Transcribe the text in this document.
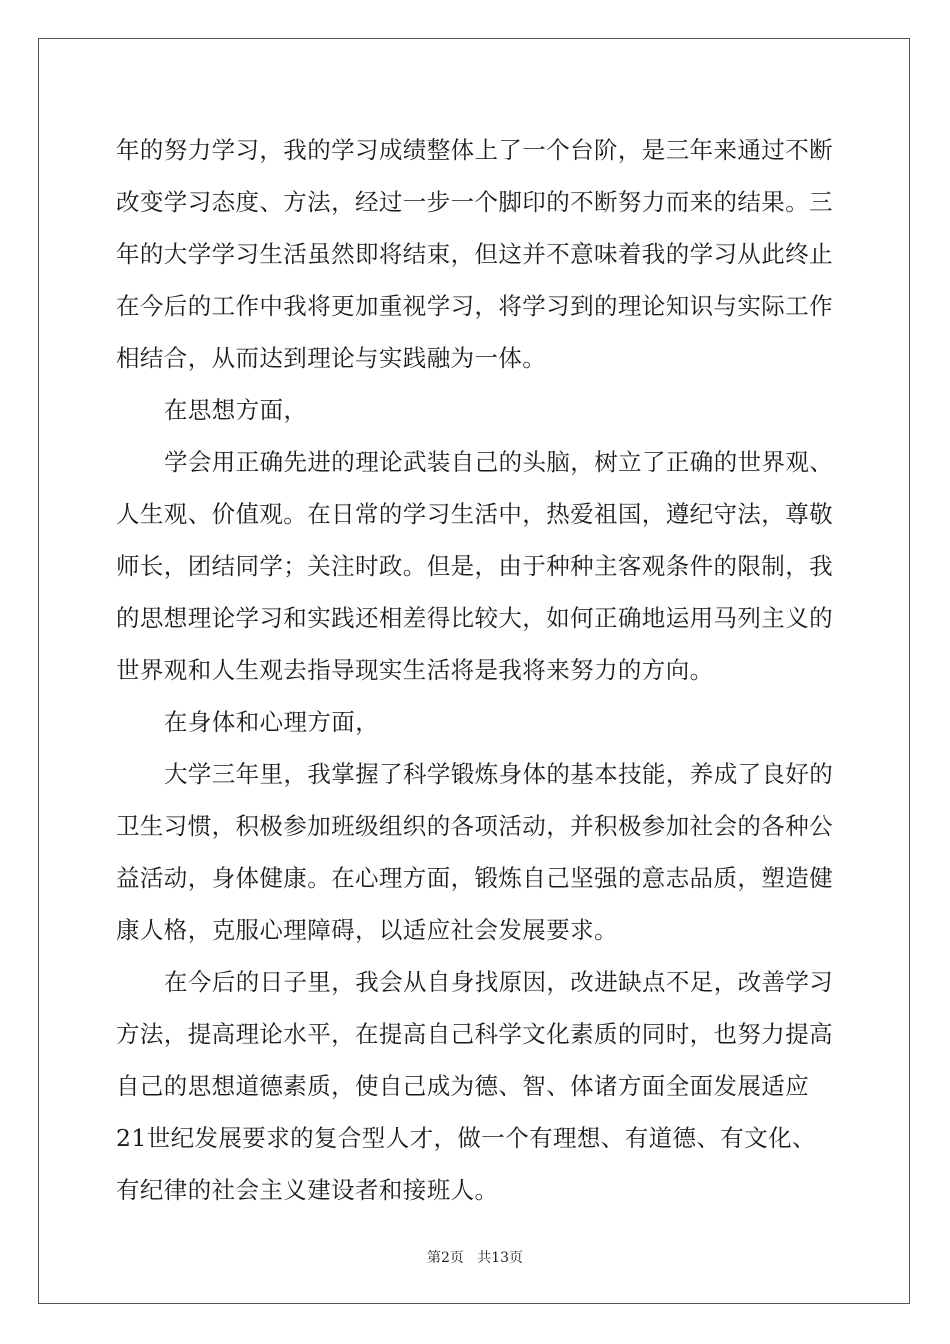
年的努力学习，我的学习成绩整体上了一个台阶，是三年来通过不断
改变学习态度、方法，经过一步一个脚印的不断努力而来的结果。三
年的大学学习生活虽然即将结束，但这并不意味着我的学习从此终止
在今后的工作中我将更加重视学习，将学习到的理论知识与实际工作
相结合，从而达到理论与实践融为一体。
在思想方面，
学会用正确先进的理论武装自己的头脑，树立了正确的世界观、
人生观、价值观。在日常的学习生活中，热爱祖国，遵纪守法，尊敬
师长，团结同学；关注时政。但是，由于种种主客观条件的限制，我
的思想理论学习和实践还相差得比较大，如何正确地运用马列主义的
世界观和人生观去指导现实生活将是我将来努力的方向。
在身体和心理方面，
大学三年里，我掌握了科学锻炼身体的基本技能，养成了良好的
卫生习惯，积极参加班级组织的各项活动，并积极参加社会的各种公
益活动，身体健康。在心理方面，锻炼自己坚强的意志品质，塑造健
康人格，克服心理障碍，以适应社会发展要求。
在今后的日子里，我会从自身找原因，改进缺点不足，改善学习
方法，提高理论水平，在提高自己科学文化素质的同时，也努力提高
自己的思想道德素质，使自己成为德、智、体诸方面全面发展适应
21世纪发展要求的复合型人才，做一个有理想、有道德、有文化、
有纪律的社会主义建设者和接班人。
第2页   共13页
